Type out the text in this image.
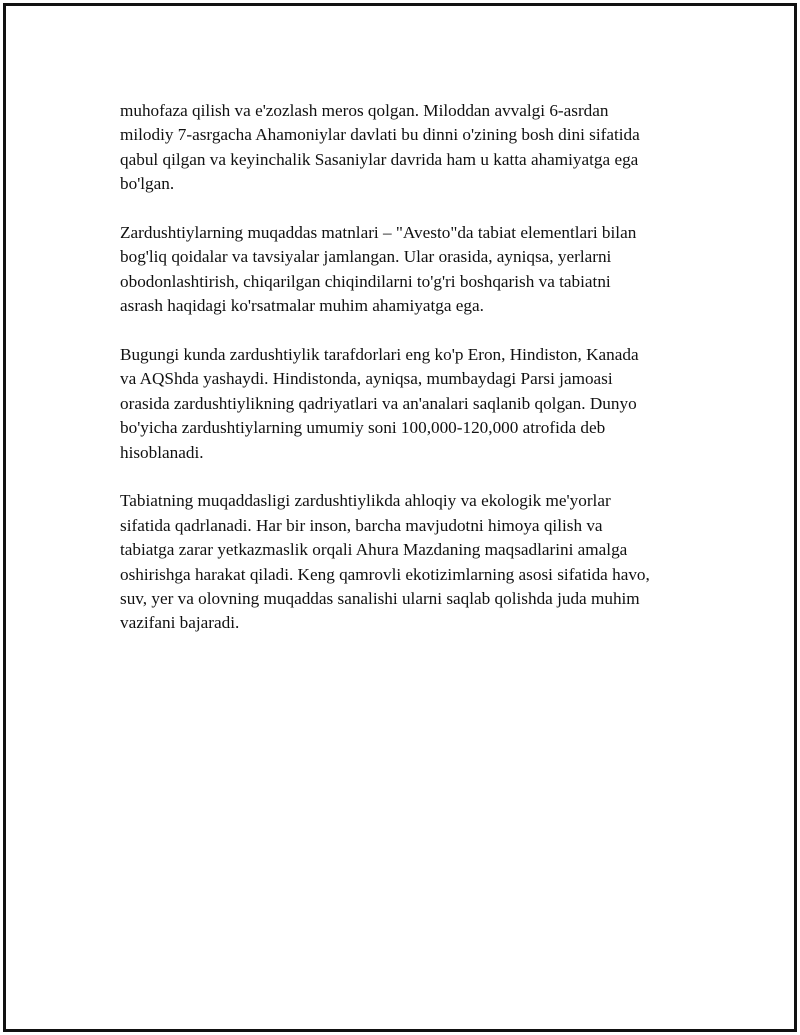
muhofaza qilish va e'zozlash meros qolgan. Miloddan avvalgi 6-asrdan
milodiy 7-asrgacha Ahamoniylar davlati bu dinni o'zining bosh dini sifatida
qabul qilgan va keyinchalik Sasaniylar davrida ham u katta ahamiyatga ega
bo'lgan.

Zardushtiylarning muqaddas matnlari – "Avesto"da tabiat elementlari bilan
bog'liq qoidalar va tavsiyalar jamlangan. Ular orasida, ayniqsa, yerlarni
obodonlashtirish, chiqarilgan chiqindilarni to'g'ri boshqarish va tabiatni
asrash haqidagi ko'rsatmalar muhim ahamiyatga ega.

Bugungi kunda zardushtiylik tarafdorlari eng ko'p Eron, Hindiston, Kanada
va AQShda yashaydi. Hindistonda, ayniqsa, mumbaydagi Parsi jamoasi
orasida zardushtiylikning qadriyatlari va an'analari saqlanib qolgan. Dunyo
bo'yicha zardushtiylarning umumiy soni 100,000-120,000 atrofida deb
hisoblanadi.

Tabiatning muqaddasligi zardushtiylikda ahloqiy va ekologik me'yorlar
sifatida qadrlanadi. Har bir inson, barcha mavjudotni himoya qilish va
tabiatga zarar yetkazmaslik orqali Ahura Mazdaning maqsadlarini amalga
oshirishga harakat qiladi. Keng qamrovli ekotizimlarning asosi sifatida havo,
suv, yer va olovning muqaddas sanalishi ularni saqlab qolishda juda muhim
vazifani bajaradi.
